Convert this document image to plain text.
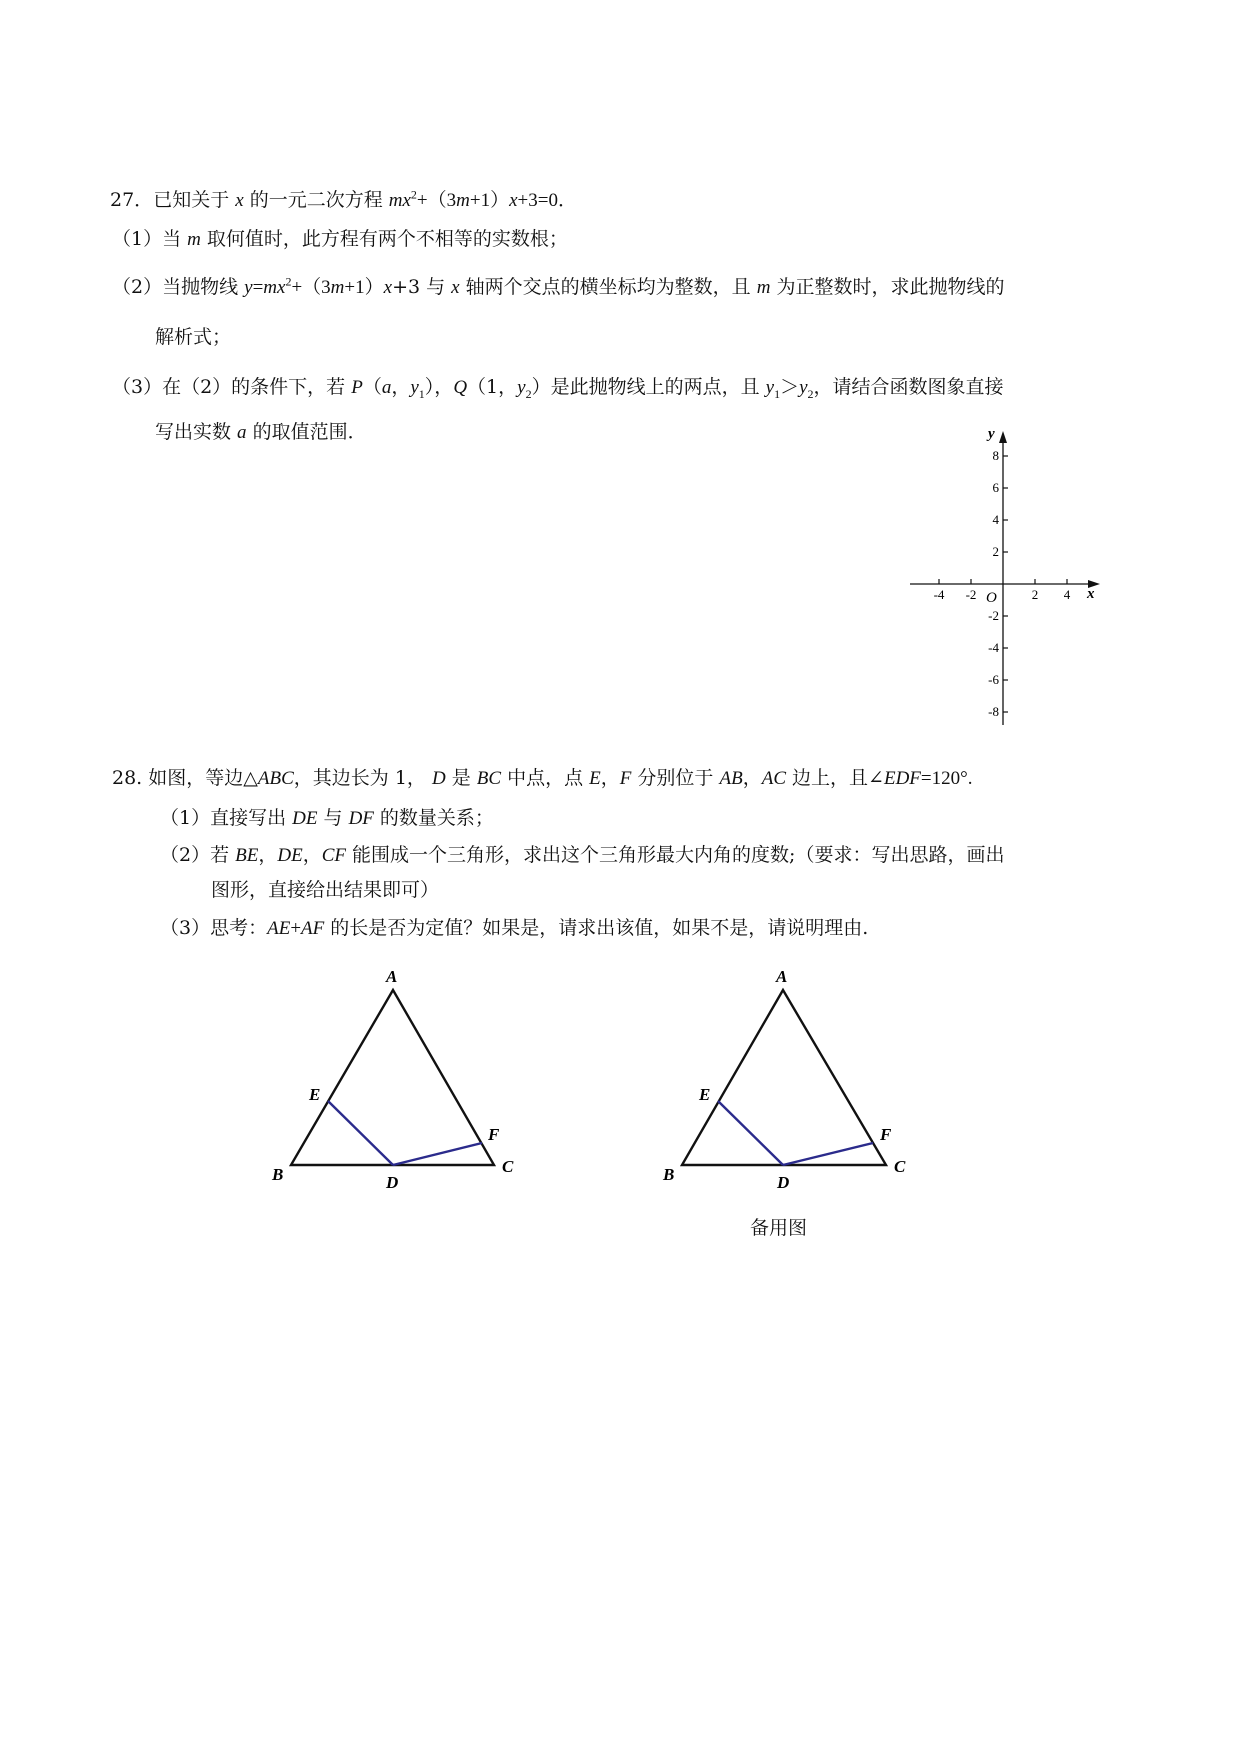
27．已知关于 x 的一元二次方程 $mx^2+(3m+1)x+3=0$．
（1）当 m 取何值时，此方程有两个不相等的实数根；
（2）当抛物线 $y=mx^2+(3m+1)x+3$ 与 x 轴两个交点的横坐标均为整数，且 m 为正整数时，求此抛物线的
解析式；
（3）在（2）的条件下，若 P（a，$y_1$），Q（1，$y_2$）是此抛物线上的两点，且 $y_1>y_2$，请结合函数图象直接
写出实数 a 的取值范围．
-4 -2	2 4
8
6
4
2
-2
-4
-6
-8
x
y
O
28. 如图，等边△ABC，其边长为 1， D 是 BC 中点，点 E，F 分别位于 AB，AC 边上，且∠EDF=120°.
（1）直接写出 DE 与 DF 的数量关系；
（2）若 BE，DE，CF 能围成一个三角形，求出这个三角形最大内角的度数;（要求：写出思路，画出
图形，直接给出结果即可）
（3）思考：AE+AF 的长是否为定值？如果是，请求出该值，如果不是，请说明理由.
A
B	C
D
E
F
A
B	C
D
E
F
备用图
